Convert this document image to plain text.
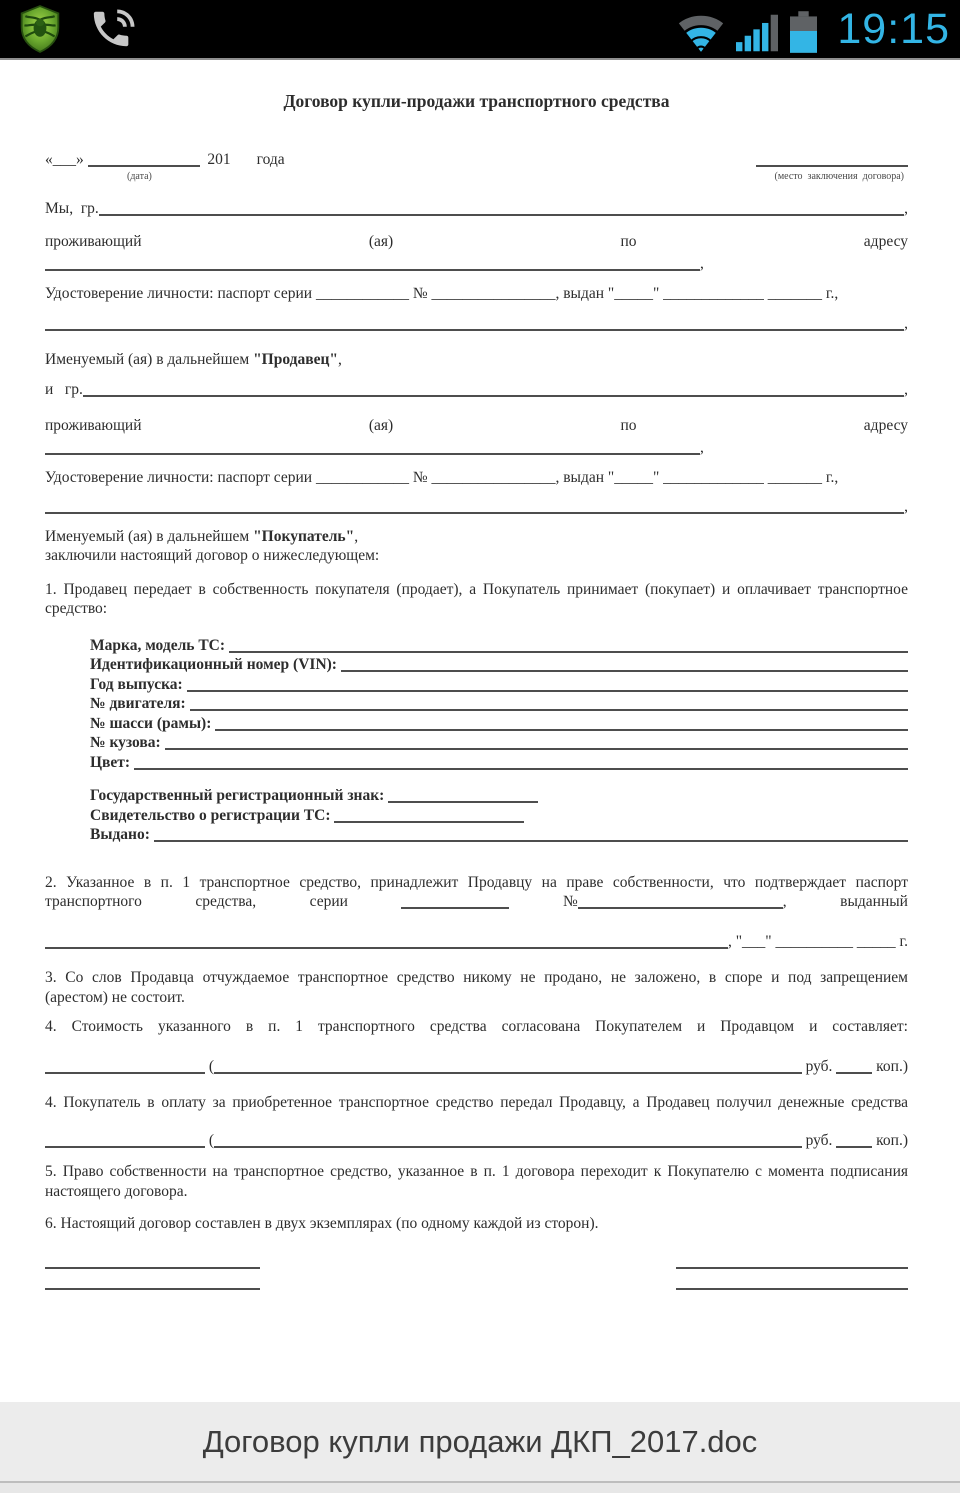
19:15
Договор купли-продажи транспортного средства
«___»	201 года
(дата)	(место  заключения  договора)
Мы,  гр.	,
проживающий	(ая)	по	адресу
,
Удостоверение личности: паспорт серии ____________ № ________________, выдан "_____" _____________ _______ г.,
,
Именуемый (ая) в дальнейшем "Продавец" ,
и   гр.	,
проживающий	(ая)	по	адресу
,
Удостоверение личности: паспорт серии ____________ № ________________, выдан "_____" _____________ _______ г.,
,
Именуемый (ая) в дальнейшем "Покупатель" ,
заключили настоящий договор о нижеследующем:
1. Продавец передает в собственность покупателя (продает), а Покупатель принимает (покупает) и оплачивает транспортное
средство:
Марка, модель ТС:
Идентификационный номер (VIN):
Год выпуска:
№ двигателя:
№ шасси (рамы):
№ кузова:
Цвет:
Государственный регистрационный знак:
Свидетельство о регистрации ТС:
Выдано:
2. Указанное в п. 1 транспортное средство, принадлежит Продавцу на праве собственности, что подтверждает паспорт
транспортного	средства,	серии	№	,	выданный
, "___" __________ _____ г.
3. Со слов Продавца отчуждаемое транспортное средство никому не продано, не заложено, в споре и под запрещением
(арестом) не состоит.
4. Стоимость указанного в п. 1 транспортного средства согласована Покупателем и Продавцом и составляет:
(	руб. коп.)
4. Покупатель в оплату за приобретенное транспортное средство передал Продавцу, а Продавец получил денежные средства
(	руб. коп.)
5. Право собственности на транспортное средство, указанное в п. 1 договора переходит к Покупателю с момента подписания
настоящего договора.
6. Настоящий договор составлен в двух экземплярах (по одному каждой из сторон).
Договор купли продажи ДКП_2017.doc
